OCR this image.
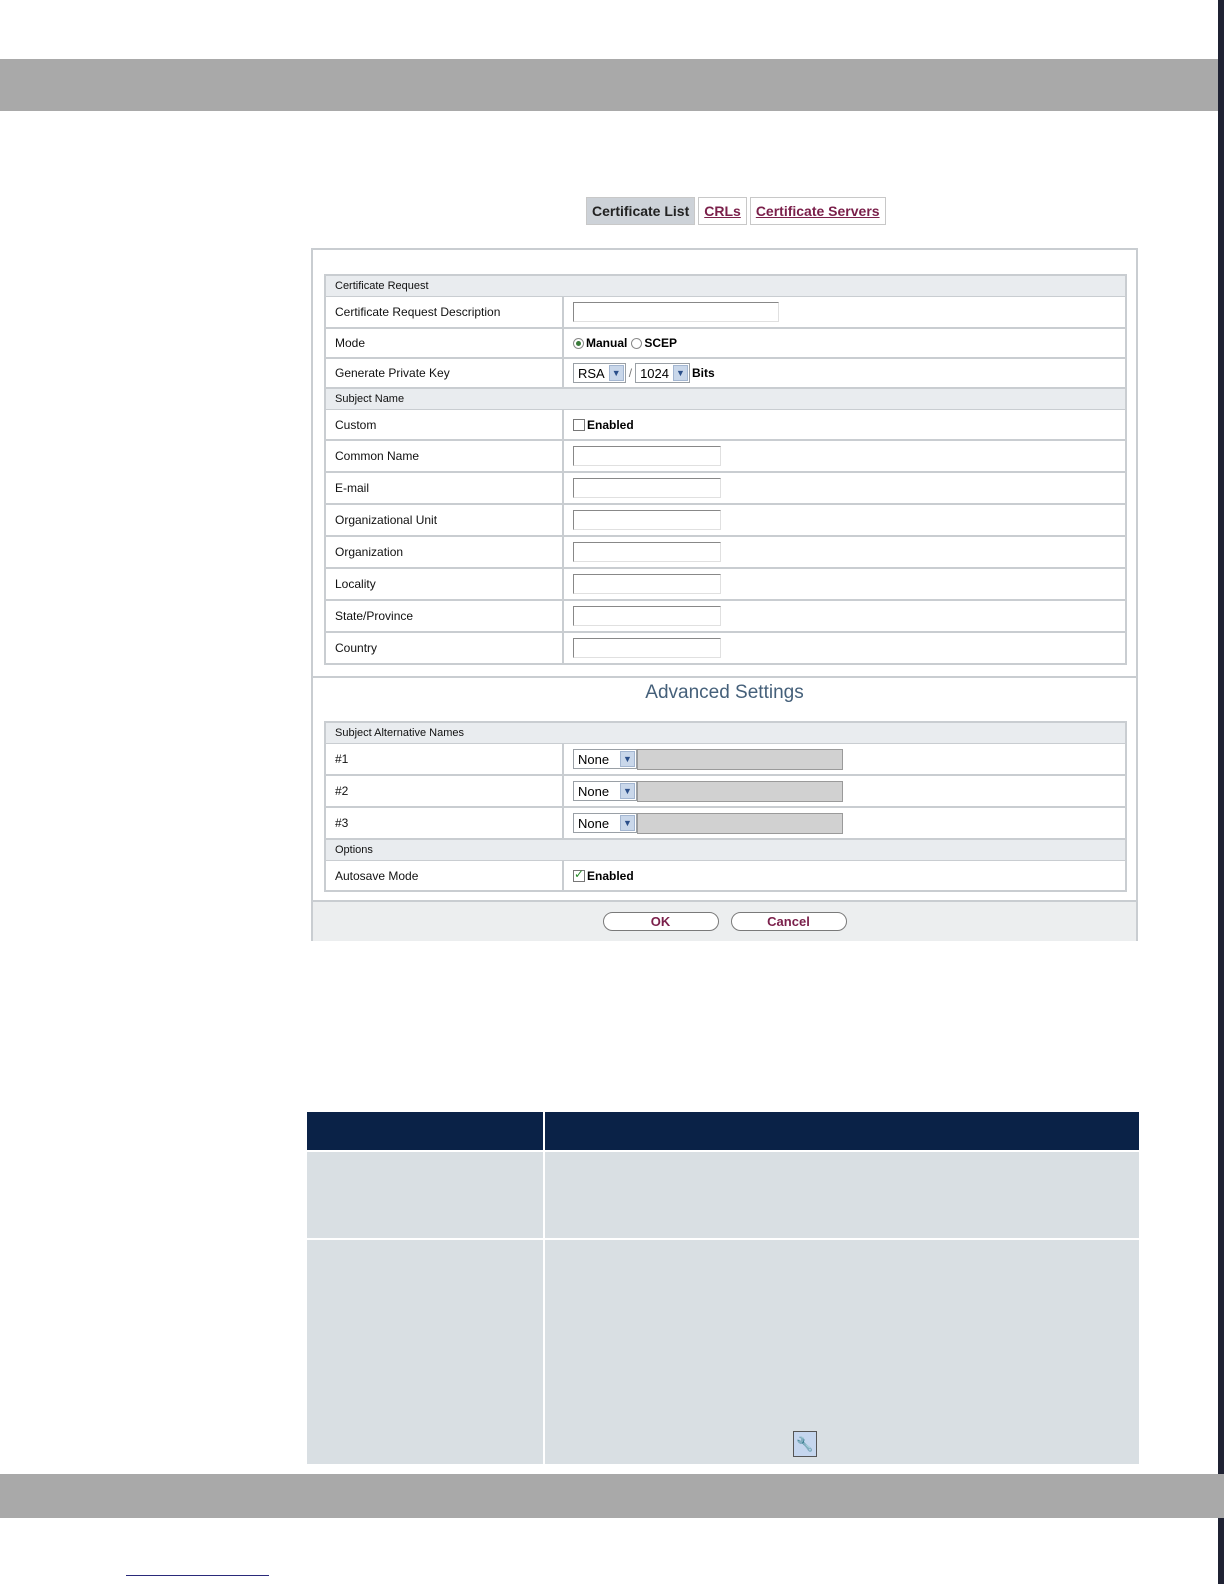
Certificate List	CRLs	Certificate Servers
Certificate Request
Certificate Request Description
Mode	Manual SCEP
Generate Private Key	RSA ▼ / 1024 ▼ Bits
Subject Name
Custom	Enabled
Common Name
E-mail
Organizational Unit
Organization
Locality
State/Province
Country
Advanced Settings
Subject Alternative Names
#1	None	▼
#2	None	▼
#3	None	▼
Options
Autosave Mode
✓	Enabled
OK	Cancel
🔧
